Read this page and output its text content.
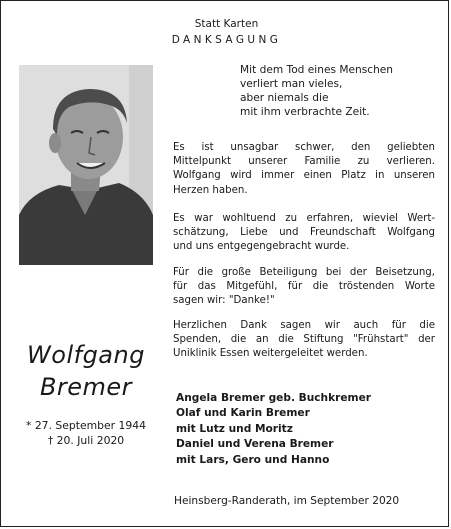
Statt Karten
DANKSAGUNG
Mit dem Tod eines Menschen
verliert man vieles,
aber niemals die
mit ihm verbrachte Zeit.
Es ist unsagbar schwer, den geliebten
Mittelpunkt unserer Familie zu verlieren.
Wolfgang wird immer einen Platz in unseren
Herzen haben.
Es war wohltuend zu erfahren, wieviel Wert-
schätzung, Liebe und Freundschaft Wolfgang
und uns entgegengebracht wurde.
Für die große Beteiligung bei der Beisetzung,
für das Mitgefühl, für die tröstenden Worte
sagen wir: "Danke!"
Herzlichen Dank sagen wir auch für die
Spenden, die an die Stiftung "Frühstart" der
Uniklinik Essen weitergeleitet werden.
Wolfgang
Bremer
* 27. September 1944
† 20. Juli 2020
Angela Bremer geb. Buchkremer
Olaf und Karin Bremer
mit Lutz und Moritz
Daniel und Verena Bremer
mit Lars, Gero und Hanno
Heinsberg-Randerath, im September 2020
